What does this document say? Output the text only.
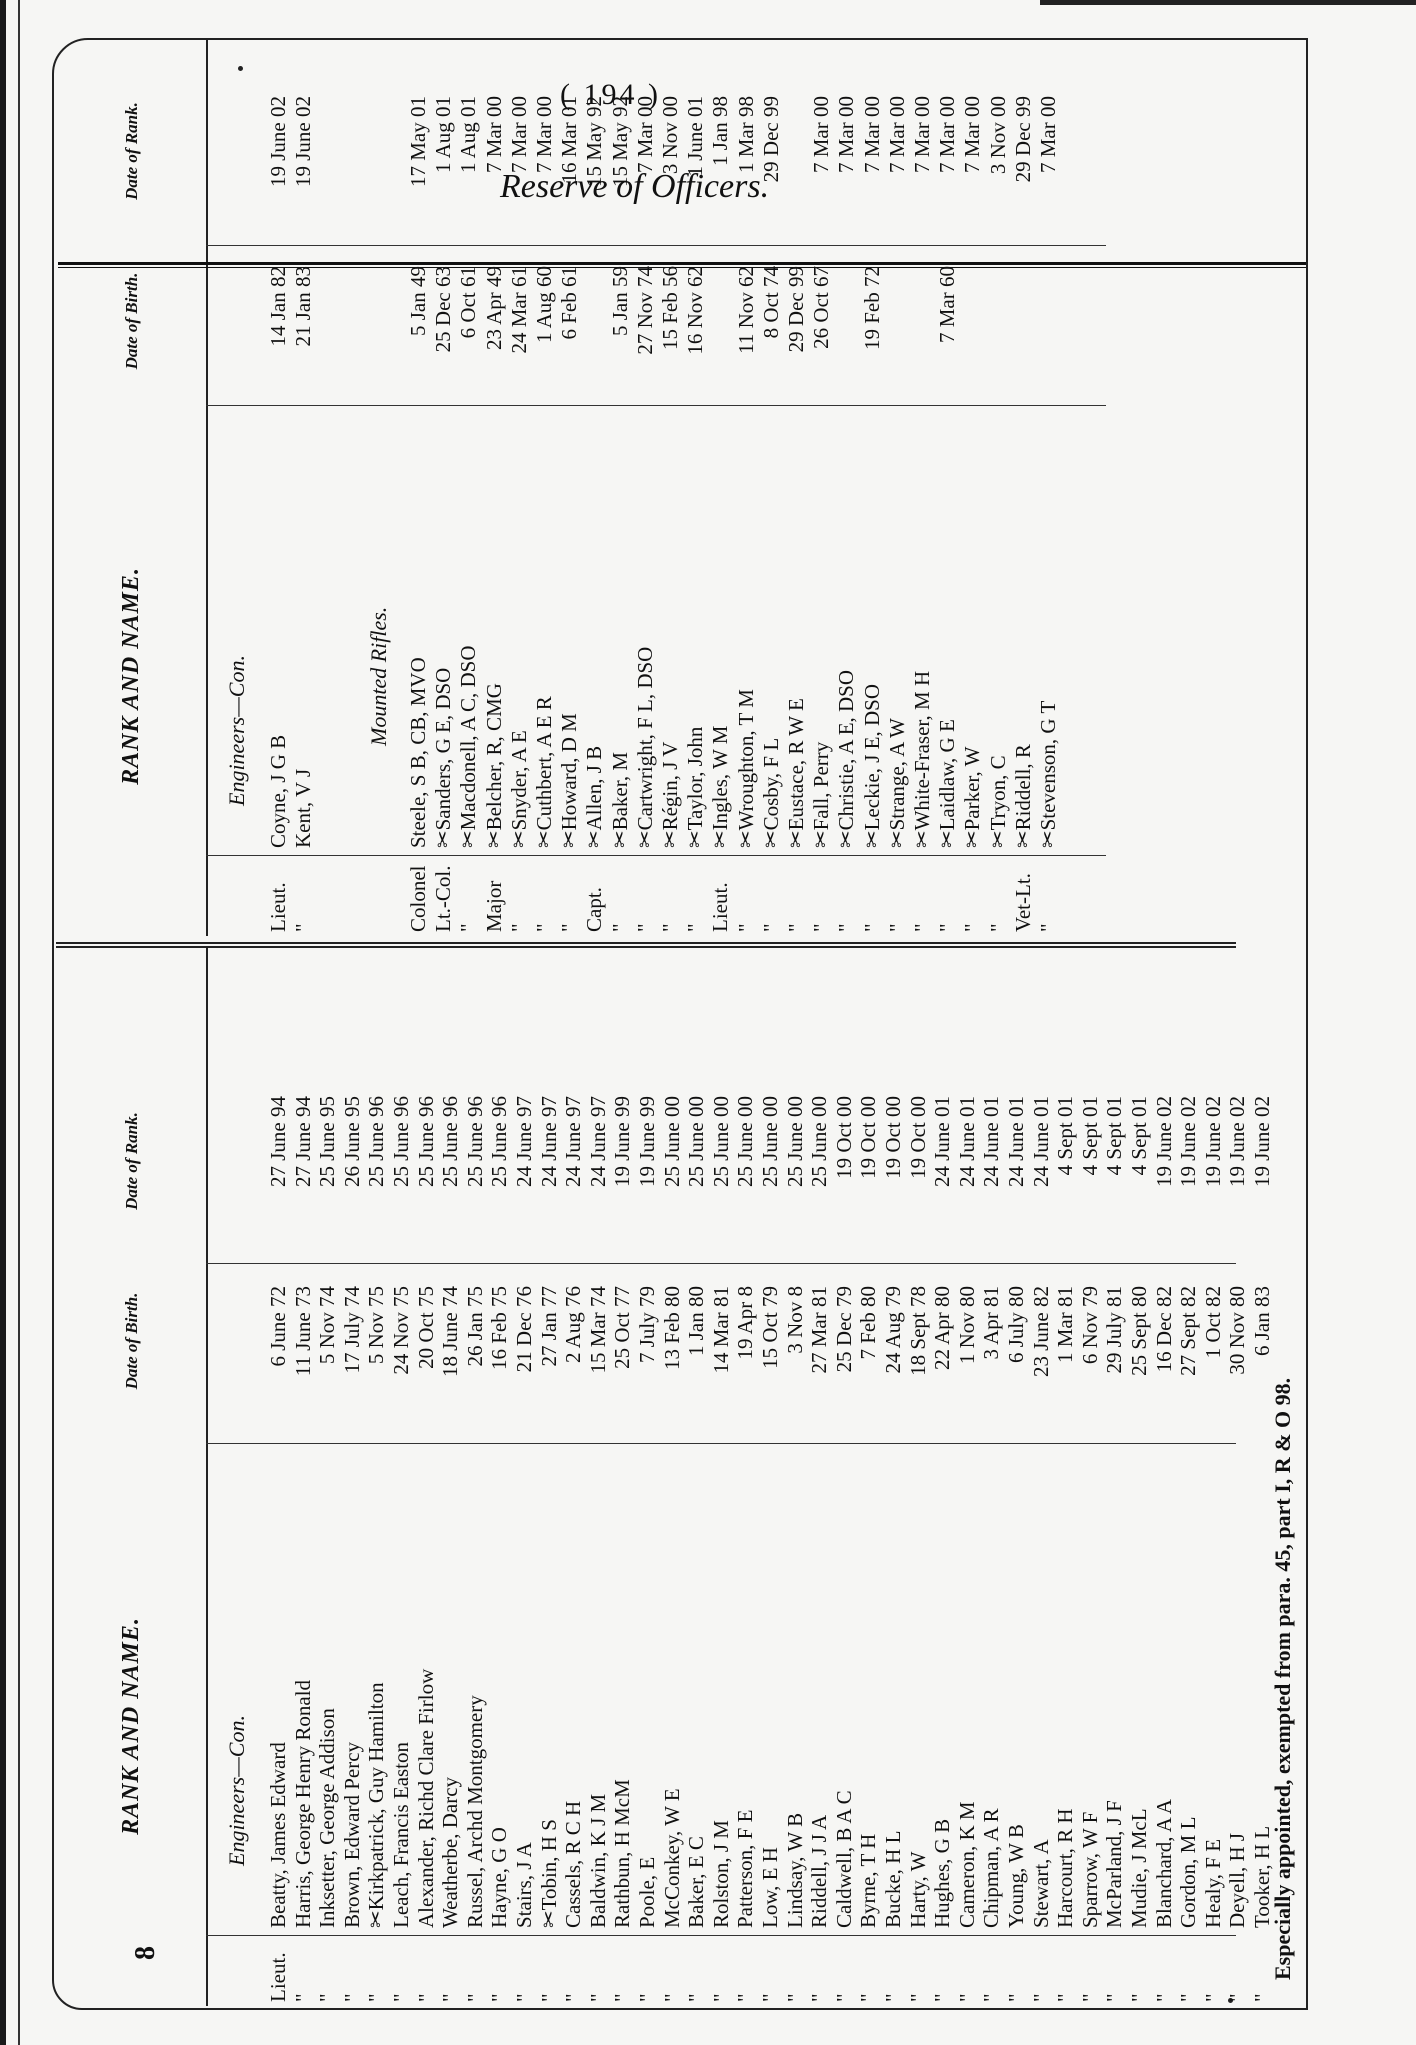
8
RANK AND NAME.
Date of Birth.
Date of Rank.
Engineers—Con.
Lieut.
Beatty, James Edward
6 June 72
27 June 94
"
Harris, George Henry Ronald
11 June 73
27 June 94
"
Inksetter, George Addison
5 Nov 74
25 June 95
"
Brown, Edward Percy
17 July 74
26 June 95
"
✂Kirkpatrick, Guy Hamilton
5 Nov 75
25 June 96
"
Leach, Francis Easton
24 Nov 75
25 June 96
"
Alexander, Richd Clare Firlow
20 Oct 75
25 June 96
"
Weatherbe, Darcy
18 June 74
25 June 96
"
Russel, Archd Montgomery
26 Jan 75
25 June 96
"
Hayne, G O
16 Feb 75
25 June 96
"
Stairs, J A
21 Dec 76
24 June 97
"
✂Tobin, H S
27 Jan 77
24 June 97
"
Cassels, R C H
2 Aug 76
24 June 97
"
Baldwin, K J M
15 Mar 74
24 June 97
"
Rathbun, H McM
25 Oct 77
19 June 99
"
Poole, E
7 July 79
19 June 99
"
McConkey, W E
13 Feb 80
25 June 00
"
Baker, E C
1 Jan 80
25 June 00
"
Rolston, J M
14 Mar 81
25 June 00
"
Patterson, F E
19 Apr 8
25 June 00
"
Low, E H
15 Oct 79
25 June 00
"
Lindsay, W B
3 Nov 8
25 June 00
"
Riddell, J J A
27 Mar 81
25 June 00
"
Caldwell, B A C
25 Dec 79
19 Oct 00
"
Byrne, T H
7 Feb 80
19 Oct 00
"
Bucke, H L
24 Aug 79
19 Oct 00
"
Harty, W
18 Sept 78
19 Oct 00
"
Hughes, G B
22 Apr 80
24 June 01
"
Cameron, K M
1 Nov 80
24 June 01
"
Chipman, A R
3 Apr 81
24 June 01
"
Young, W B
6 July 80
24 June 01
"
Stewart, A
23 June 82
24 June 01
"
Harcourt, R H
1 Mar 81
4 Sept 01
"
Sparrow, W F
6 Nov 79
4 Sept 01
"
McParland, J F
29 July 81
4 Sept 01
"
Mudie, J McL
25 Sept 80
4 Sept 01
"
Blanchard, A A
16 Dec 82
19 June 02
"
Gordon, M L
27 Sept 82
19 June 02
"
Healy, F E
1 Oct 82
19 June 02
"
Deyell, H J
30 Nov 80
19 June 02
"
Tooker, H L
6 Jan 83
19 June 02
RANK AND NAME.
Date of Birth.
Date of Rank.
Engineers—Con.	Mounted Rifles.
Lieut.
Coyne, J G B
14 Jan 82
19 June 02
"
Kent, V J
21 Jan 83
19 June 02
Colonel
Steele, S B, CB, MVO
5 Jan 49
17 May 01
Lt.-Col.
✂Sanders, G E, DSO
25 Dec 63
1 Aug 01
"
✂Macdonell, A C, DSO
6 Oct 61
1 Aug 01
Major
✂Belcher, R, CMG
23 Apr 49
7 Mar 00
"
✂Snyder, A E
24 Mar 61
7 Mar 00
"
✂Cuthbert, A E R
1 Aug 60
7 Mar 00
"
✂Howard, D M
6 Feb 61
16 Mar 01
Capt.
✂Allen, J B
15 May 92
"
✂Baker, M
5 Jan 59
15 May 92
"
✂Cartwright, F L, DSO
27 Nov 74
7 Mar 00
"
✂Régin, J V
15 Feb 56
3 Nov 00
"
✂Taylor, John
16 Nov 62
1 June 01
Lieut.
✂Ingles, W M
1 Jan 98
"
✂Wroughton, T M
11 Nov 62
1 Mar 98
"
✂Cosby, F L
8 Oct 74
29 Dec 99
"
✂Eustace, R W E
29 Dec 99
"
✂Fall, Perry
26 Oct 67
7 Mar 00
"
✂Christie, A E, DSO
7 Mar 00
"
✂Leckie, J E, DSO
19 Feb 72
7 Mar 00
"
✂Strange, A W
7 Mar 00
"
✂White-Fraser, M H
7 Mar 00
"
✂Laidlaw, G E
7 Mar 60
7 Mar 00
"
✂Parker, W
7 Mar 00
"
✂Tryon, C
3 Nov 00
Vet-Lt.
✂Riddell, R
29 Dec 99
"
✂Stevenson, G T
7 Mar 00
( 194 )
Reserve of Officers.
Especially appointed, exempted from para. 45, part I, R & O 98.
